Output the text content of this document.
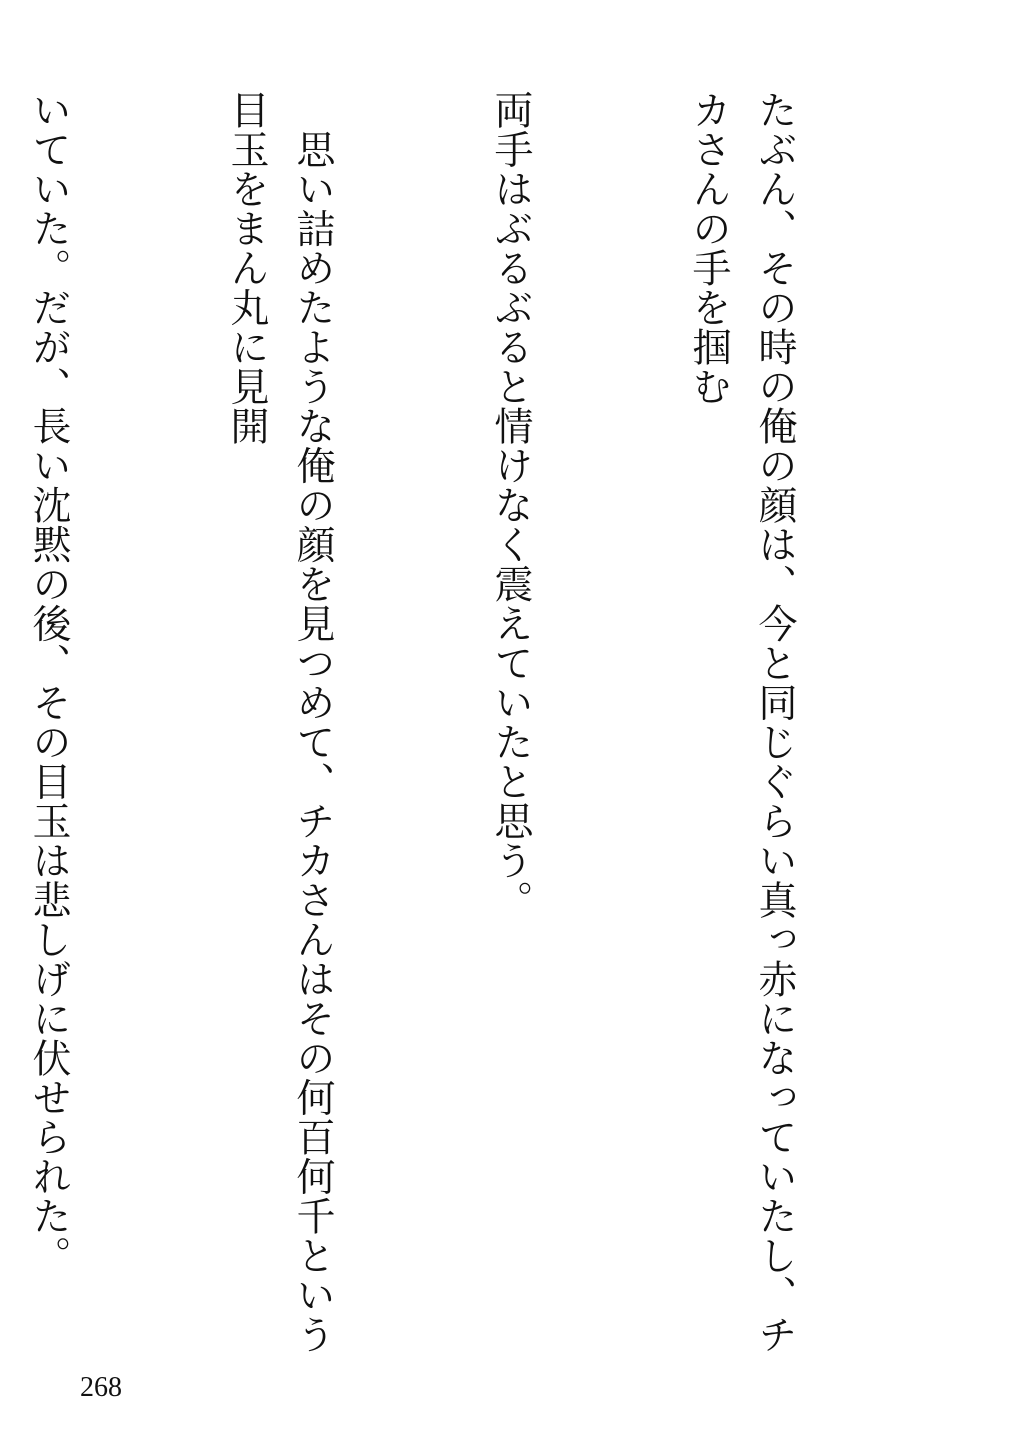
たぶん、その時の俺の顔は、今と同じぐらい真っ赤になっていたし、チカさんの手を掴む

両手はぶるぶると情けなく震えていたと思う。

　思い詰めたような俺の顔を見つめて、チカさんはその何百何千という目玉をまん丸に見開

いていた。だが、長い沈黙の後、その目玉は悲しげに伏せられた。

268
